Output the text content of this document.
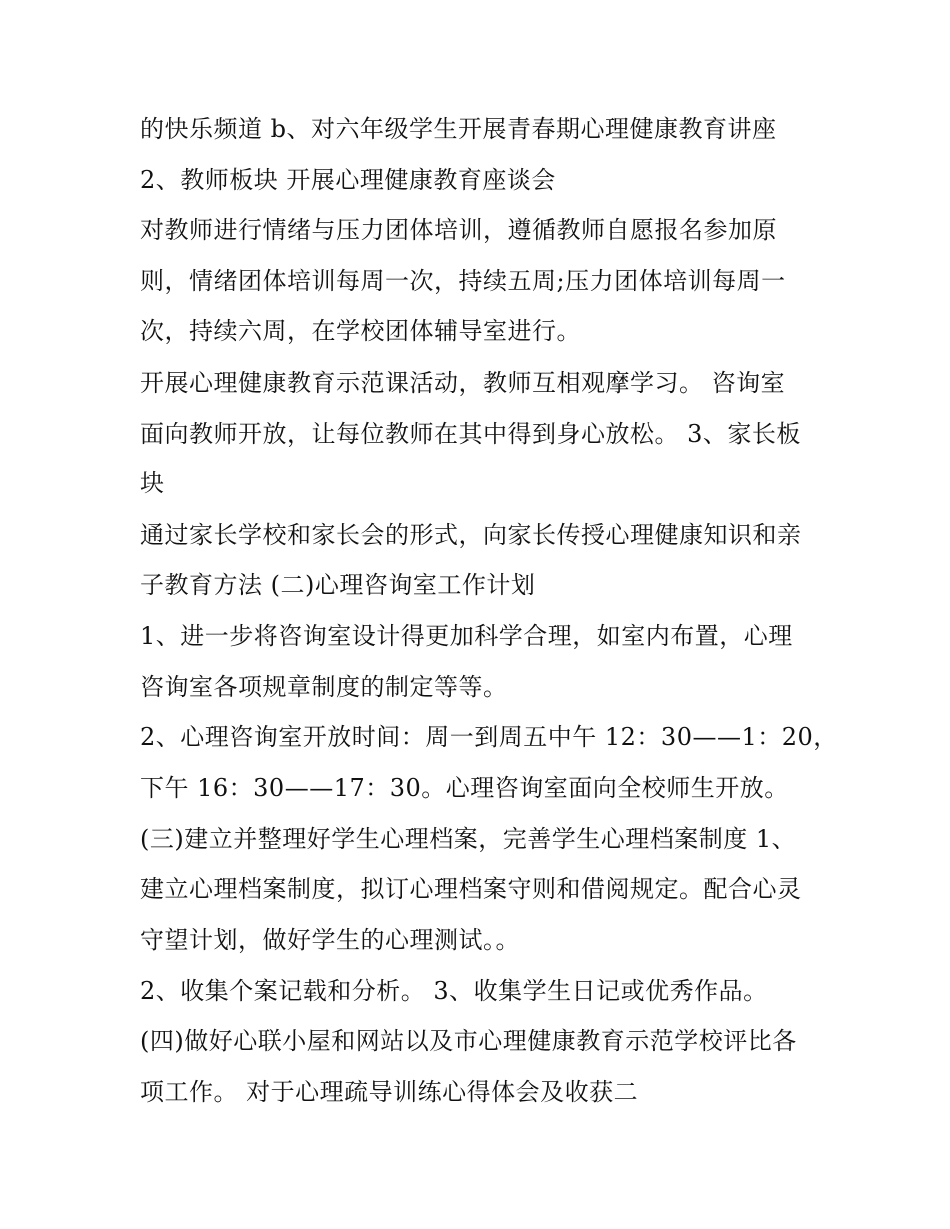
的快乐频道 b、对六年级学生开展青春期心理健康教育讲座
2、教师板块 开展心理健康教育座谈会
对教师进行情绪与压力团体培训，遵循教师自愿报名参加原
则，情绪团体培训每周一次，持续五周;压力团体培训每周一
次，持续六周，在学校团体辅导室进行。
开展心理健康教育示范课活动，教师互相观摩学习。 咨询室
面向教师开放，让每位教师在其中得到身心放松。 3、家长板
块
通过家长学校和家长会的形式，向家长传授心理健康知识和亲
子教育方法 (二)心理咨询室工作计划
1、进一步将咨询室设计得更加科学合理，如室内布置，心理
咨询室各项规章制度的制定等等。
2、心理咨询室开放时间：周一到周五中午 12：30——1：20，
下午 16：30——17：30。心理咨询室面向全校师生开放。
(三)建立并整理好学生心理档案，完善学生心理档案制度 1、
建立心理档案制度，拟订心理档案守则和借阅规定。配合心灵
守望计划，做好学生的心理测试。。
2、收集个案记载和分析。 3、收集学生日记或优秀作品。
(四)做好心联小屋和网站以及市心理健康教育示范学校评比各
项工作。 对于心理疏导训练心得体会及收获二
